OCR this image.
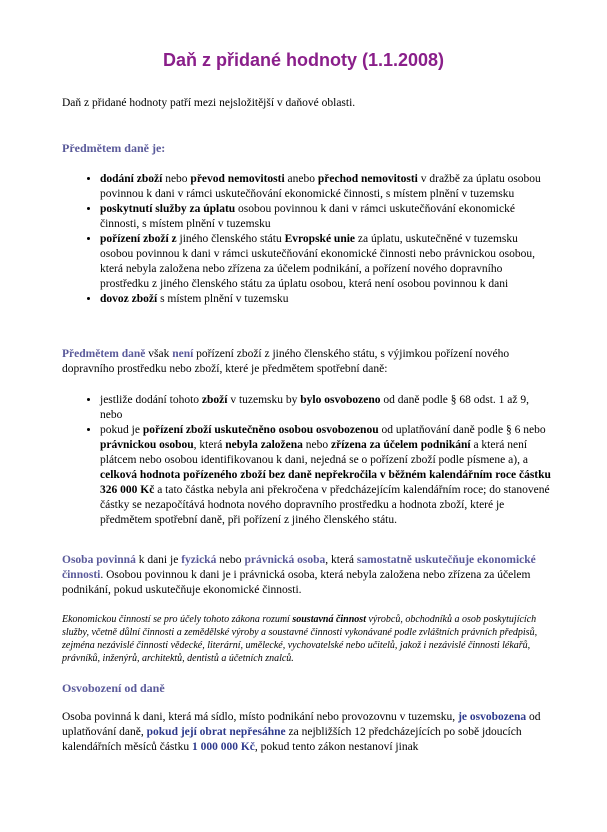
Daň z přidané hodnoty (1.1.2008)
Daň z přidané hodnoty patří mezi nejsložitější v daňové oblasti.
Předmětem daně je:
• dodání zboží nebo převod nemovitosti anebo přechod nemovitosti v dražbě za úplatu osobou povinnou k dani v rámci uskutečňování ekonomické činnosti, s místem plnění v tuzemsku
• poskytnutí služby za úplatu osobou povinnou k dani v rámci uskutečňování ekonomické činnosti, s místem plnění v tuzemsku
• pořízení zboží z jiného členského státu Evropské unie za úplatu, uskutečněné v tuzemsku osobou povinnou k dani v rámci uskutečňování ekonomické činnosti nebo právnickou osobou, která nebyla založena nebo zřízena za účelem podnikání, a pořízení nového dopravního prostředku z jiného členského státu za úplatu osobou, která není osobou povinnou k dani
• dovoz zboží s místem plnění v tuzemsku
Předmětem daně však není pořízení zboží z jiného členského státu, s výjimkou pořízení nového dopravního prostředku nebo zboží, které je předmětem spotřební daně:
• jestliže dodání tohoto zboží v tuzemsku by bylo osvobozeno od daně podle § 68 odst. 1 až 9, nebo
• pokud je pořízení zboží uskutečněno osobou osvobozenou od uplatňování daně podle § 6 nebo právnickou osobou, která nebyla založena nebo zřízena za účelem podnikání a která není plátcem nebo osobou identifikovanou k dani, nejedná se o pořízení zboží podle písmene a), a celková hodnota pořízeného zboží bez daně nepřekročila v běžném kalendářním roce částku 326 000 Kč a tato částka nebyla ani překročena v předcházejícím kalendářním roce; do stanovené částky se nezapočítává hodnota nového dopravního prostředku a hodnota zboží, které je předmětem spotřební daně, při pořízení z jiného členského státu.
Osoba povinná k dani je fyzická nebo právnická osoba, která samostatně uskutečňuje ekonomické činnosti. Osobou povinnou k dani je i právnická osoba, která nebyla založena nebo zřízena za účelem podnikání, pokud uskutečňuje ekonomické činnosti.
Ekonomickou činností se pro účely tohoto zákona rozumí soustavná činnost výrobců, obchodníků a osob poskytujících služby, včetně důlní činnosti a zemědělské výroby a soustavné činnosti vykonávané podle zvláštních právních předpisů, zejména nezávislé činnosti vědecké, literární, umělecké, vychovatelské nebo učitelů, jakož i nezávislé činnosti lékařů, právníků, inženýrů, architektů, dentistů a účetních znalců.
Osvobození od daně
Osoba povinná k dani, která má sídlo, místo podnikání nebo provozovnu v tuzemsku, je osvobozena od uplatňování daně, pokud její obrat nepřesáhne za nejbližších 12 předcházejících po sobě jdoucích kalendářních měsíců částku 1 000 000 Kč, pokud tento zákon nestanoví jinak
